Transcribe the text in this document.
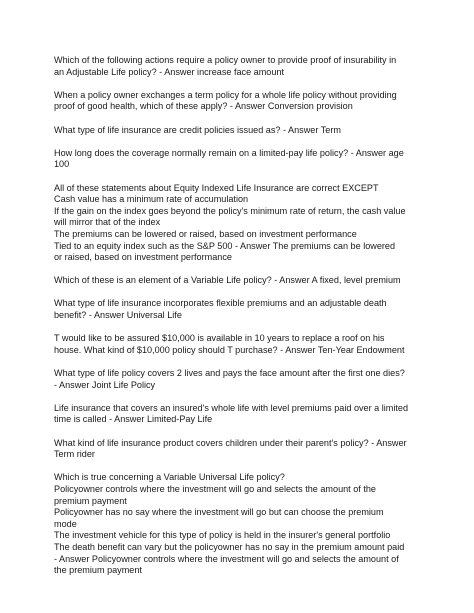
Which of the following actions require a policy owner to provide proof of insurability in
an Adjustable Life policy? - Answer increase face amount

When a policy owner exchanges a term policy for a whole life policy without providing
proof of good health, which of these apply? - Answer Conversion provision

What type of life insurance are credit policies issued as? - Answer Term

How long does the coverage normally remain on a limited-pay life policy? - Answer age
100

All of these statements about Equity Indexed Life Insurance are correct EXCEPT
Cash value has a minimum rate of accumulation
If the gain on the index goes beyond the policy's minimum rate of return, the cash value
will mirror that of the index
The premiums can be lowered or raised, based on investment performance
Tied to an equity index such as the S&P 500 - Answer The premiums can be lowered
or raised, based on investment performance

Which of these is an element of a Variable Life policy? - Answer A fixed, level premium

What type of life insurance incorporates flexible premiums and an adjustable death
benefit? - Answer Universal Life

T would like to be assured $10,000 is available in 10 years to replace a roof on his
house. What kind of $10,000 policy should T purchase? - Answer Ten-Year Endowment

What type of life policy covers 2 lives and pays the face amount after the first one dies?
- Answer Joint Life Policy

Life insurance that covers an insured's whole life with level premiums paid over a limited
time is called - Answer Limited-Pay Life

What kind of life insurance product covers children under their parent's policy? - Answer
Term rider

Which is true concerning a Variable Universal Life policy?
Policyowner controls where the investment will go and selects the amount of the
premium payment
Policyowner has no say where the investment will go but can choose the premium
mode
The investment vehicle for this type of policy is held in the insurer's general portfolio
The death benefit can vary but the policyowner has no say in the premium amount paid
- Answer Policyowner controls where the investment will go and selects the amount of
the premium payment
